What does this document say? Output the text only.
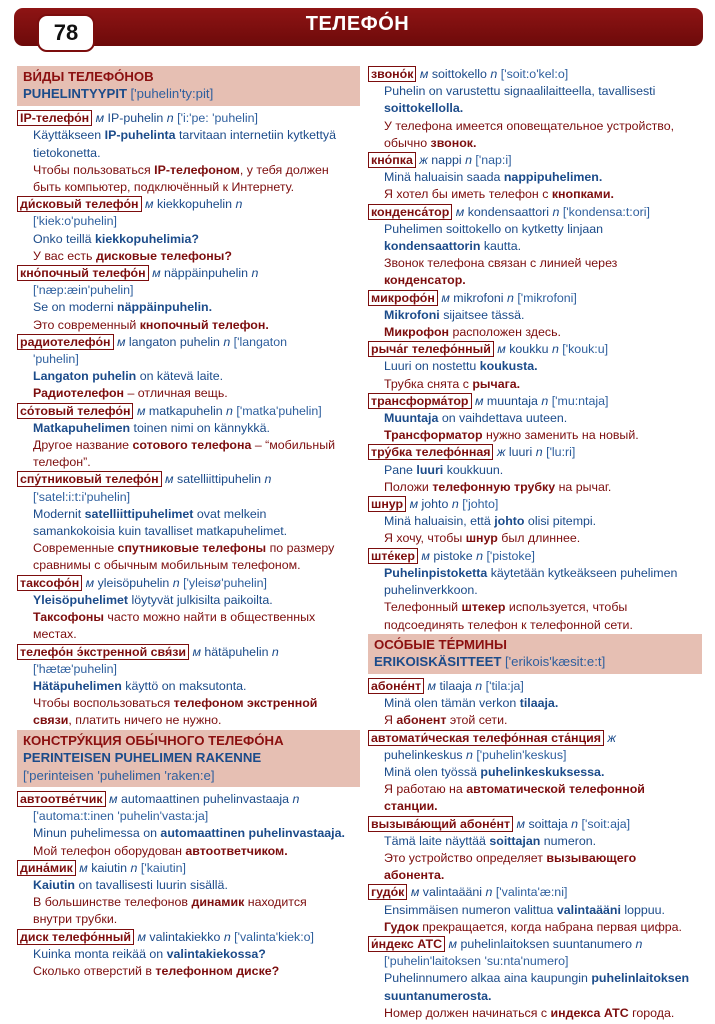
ТЕЛЕФО́Н
78
ВИ́ДЫ ТЕЛЕФО́НОВ
PUHELINTYYPIT ['puhelin'ty:pit]
IP-телефо́н м IP-puhelin n ['i:'pe: 'puhelin]
Käyttäkseen IP-puhelinta tarvitaan internetiin kytkettyä
tietokonetta.
Чтобы пользоваться IP-телефоном, у тебя должен
быть компьютер, подключённый к Интернету.
ди́сковый телефо́н м kiekkopuhelin n
['kiek:o'puhelin]
Onko teillä kiekkopuhelimia?
У вас есть дисковые телефоны?
кно́почный телефо́н м näppäinpuhelin n
['næp:æin'puhelin]
Se on moderni näppäinpuhelin.
Это современный кнопочный телефон.
радиотелефо́н м langaton puhelin n ['langaton
'puhelin]
Langaton puhelin on kätevä laite.
Радиотелефон – отличная вещь.
со́товый телефо́н м matkapuhelin n ['matka'puhelin]
Matkapuhelimen toinen nimi on kännykkä.
Другое название сотового телефона – “мобильный
телефон”.
спу́тниковый телефо́н м satelliittipuhelin n
['satel:i:t:i'puhelin]
Modernit satelliittipuhelimet ovat melkein
samankokoisia kuin tavalliset matkapuhelimet.
Современные спутниковые телефоны по размеру
сравнимы с обычным мобильным телефоном.
таксофо́н м yleisöpuhelin n ['yleisø'puhelin]
Yleisöpuhelimet löytyvät julkisilta paikoilta.
Таксофоны часто можно найти в общественных
местах.
телефо́н э́кстренной свя́зи м hätäpuhelin n
['hætæ'puhelin]
Hätäpuhelimen käyttö on maksutonta.
Чтобы воспользоваться телефоном экстренной
связи, платить ничего не нужно.
КОНСТРУ́КЦИЯ ОБЫ́ЧНОГО ТЕЛЕФО́НА
PERINTEISEN PUHELIMEN RAKENNE
['perinteisen 'puhelimen 'raken:e]
автоотве́тчик м automaattinen puhelinvastaaja n
['automa:t:inen 'puhelin'vasta:ja]
Minun puhelimessa on automaattinen puhelinvastaaja.
Мой телефон оборудован автоответчиком.
дина́мик м kaiutin n ['kaiutin]
Kaiutin on tavallisesti luurin sisällä.
В большинстве телефонов динамик находится
внутри трубки.
диск телефо́нный м valintakiekko n ['valinta'kiek:o]
Kuinka monta reikää on valintakiekossa?
Сколько отверстий в телефонном диске?
звоно́к м soittokello n ['soit:o'kel:o]
Puhelin on varustettu signaalilaitteella, tavallisesti
soittokellolla.
У телефона имеется оповещательное устройство,
обычно звонок.
кно́пка ж nappi n ['nap:i]
Minä haluaisin saada nappipuhelimen.
Я хотел бы иметь телефон с кнопками.
конденса́тор м kondensaattori n ['kondensa:t:ori]
Puhelimen soittokello on kytketty linjaan
kondensaattorin kautta.
Звонок телефона связан с линией через
конденсатор.
микрофо́н м mikrofoni n ['mikrofoni]
Mikrofoni sijaitsee tässä.
Микрофон расположен здесь.
рыча́г телефо́нный м koukku n ['kouk:u]
Luuri on nostettu koukusta.
Трубка снята с рычага.
трансформа́тор м muuntaja n ['mu:ntaja]
Muuntaja on vaihdettava uuteen.
Трансформатор нужно заменить на новый.
тру́бка телефо́нная ж luuri n ['lu:ri]
Pane luuri koukkuun.
Положи телефонную трубку на рычаг.
шнур м johto n ['johto]
Minä haluaisin, että johto olisi pitempi.
Я хочу, чтобы шнур был длиннее.
ште́кер м pistoke n ['pistoke]
Puhelinpistoketta käytetään kytkeäkseen puhelimen
puhelinverkkoon.
Телефонный штекер используется, чтобы
подсоединять телефон к телефонной сети.
ОСО́БЫЕ ТЕ́РМИНЫ
ERIKOISKÄSITTEET ['erikois'kæsit:e:t]
абоне́нт м tilaaja n ['tila:ja]
Minä olen tämän verkon tilaaja.
Я абонент этой сети.
автомати́ческая телефо́нная ста́нция ж
puhelinkeskus n ['puhelin'keskus]
Minä olen työssä puhelinkeskuksessa.
Я работаю на автоматической телефонной
станции.
вызыва́ющий абоне́нт м soittaja n ['soit:aja]
Tämä laite näyttää soittajan numeron.
Это устройство определяет вызывающего
абонента.
гудо́к м valintaääni n ['valinta'æ:ni]
Ensimmäisen numeron valittua valintaääni loppuu.
Гудок прекращается, когда набрана первая цифра.
и́ндекс АТС м puhelinlaitoksen suuntanumero n
['puhelin'laitoksen 'su:nta'numero]
Puhelinnumero alkaa aina kaupungin puhelinlaitoksen
suuntanumerosta.
Номер должен начинаться с индекса АТС города.
